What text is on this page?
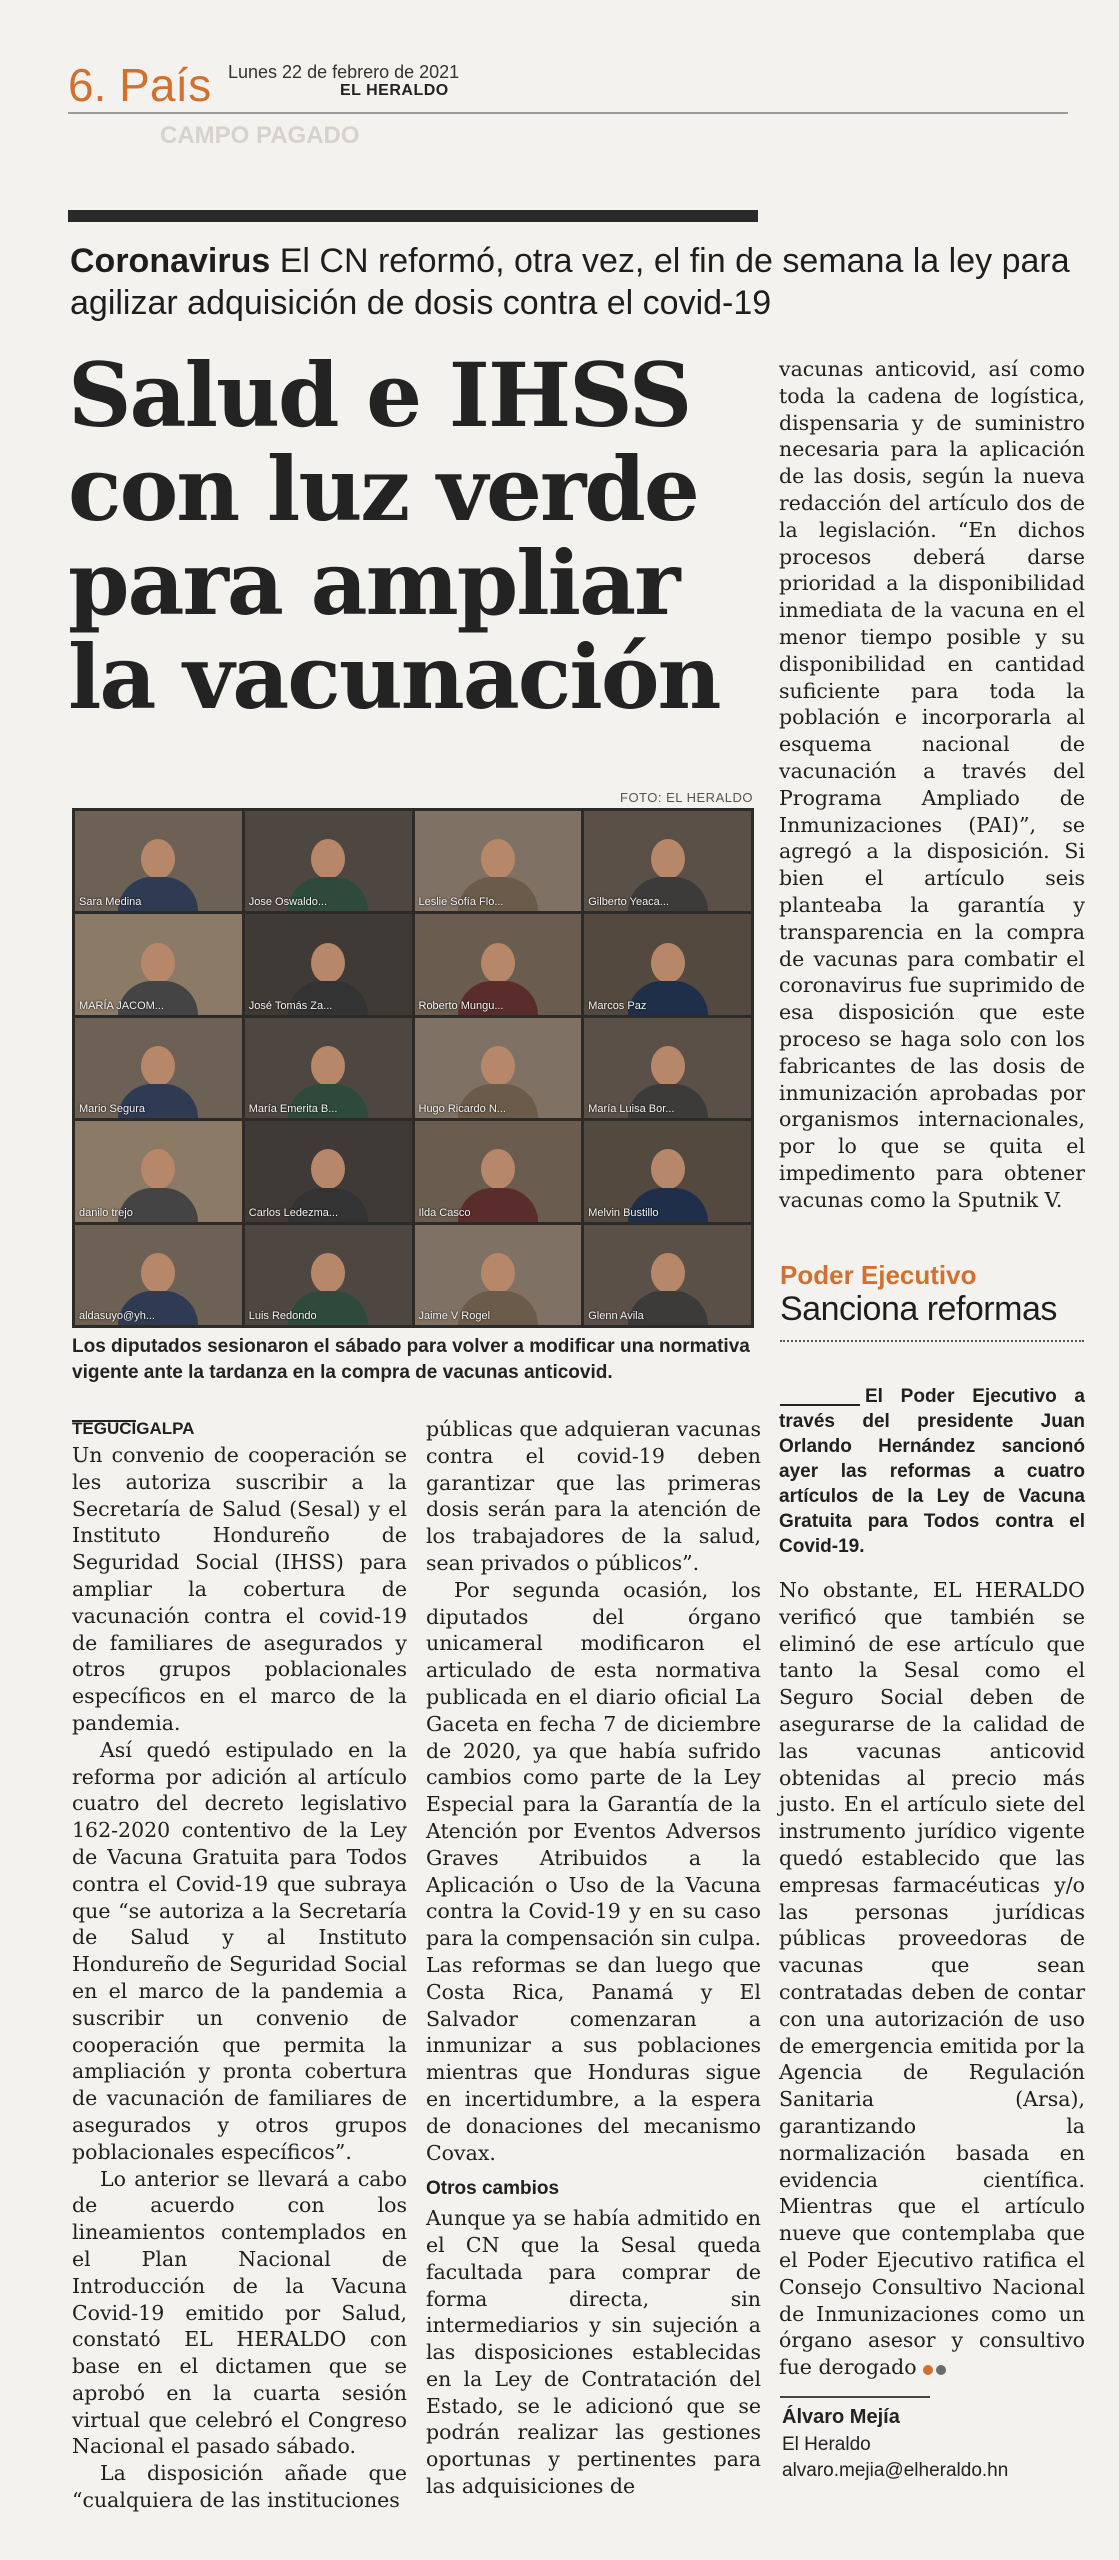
6. País Lunes 22 de febrero de 2021
EL HERALDO
CAMPO PAGADO
Coronavirus El CN reformó, otra vez, el fin de semana la ley para agilizar adquisición de dosis contra el covid-19
Salud e IHSS
con luz verde
para ampliar
la vacunación
FOTO: EL HERALDO
Sara Medina	Jose Oswaldo...	Leslie Sofía Flo...	Gilberto Yeaca...
MARÍA JACOM...	José Tomás Za...	Roberto Mungu...	Marcos Paz
Mario Segura	María Emerita B...	Hugo Ricardo N...	María Luisa Bor...
danilo trejo	Carlos Ledezma...	Ilda Casco	Melvin Bustillo
aldasuyo@yh...	Luis Redondo	Jaime V Rogel	Glenn Avila
Los diputados sesionaron el sábado para volver a modificar una normativa vigente ante la tardanza en la compra de vacunas anticovid.

TEGUCIGALPA

Un convenio de cooperación se les autoriza suscribir a la Secretaría de Salud (Sesal) y el Instituto Hondureño de Seguridad Social (IHSS) para ampliar la cobertura de vacunación contra el covid-19 de familiares de asegurados y otros grupos poblacionales específicos en el marco de la pandemia.

Así quedó estipulado en la reforma por adición al artículo cuatro del decreto legislativo 162-2020 contentivo de la Ley de Vacuna Gratuita para Todos contra el Covid-19 que subraya que “se autoriza a la Secretaría de Salud y al Instituto Hondureño de Seguridad Social en el marco de la pandemia a suscribir un convenio de cooperación que permita la ampliación y pronta cobertura de vacunación de familiares de asegurados y otros grupos poblacionales específicos”.

Lo anterior se llevará a cabo de acuerdo con los lineamientos contemplados en el Plan Nacional de Introducción de la Vacuna Covid-19 emitido por Salud, constató EL HERALDO con base en el dictamen que se aprobó en la cuarta sesión virtual que celebró el Congreso Nacional el pasado sábado.

La disposición añade que “cualquiera de las instituciones

públicas que adquieran vacunas contra el covid-19 deben garantizar que las primeras dosis serán para la atención de los trabajadores de la salud, sean privados o públicos”.

Por segunda ocasión, los diputados del órgano unicameral modificaron el articulado de esta normativa publicada en el diario oficial La Gaceta en fecha 7 de diciembre de 2020, ya que había sufrido cambios como parte de la Ley Especial para la Garantía de la Atención por Eventos Adversos Graves Atribuidos a la Aplicación o Uso de la Vacuna contra la Covid-19 y en su caso para la compensación sin culpa. Las reformas se dan luego que Costa Rica, Panamá y El Salvador comenzaran a inmunizar a sus poblaciones mientras que Honduras sigue en incertidumbre, a la espera de donaciones del mecanismo Covax.

Otros cambios

Aunque ya se había admitido en el CN que la Sesal queda facultada para comprar de forma directa, sin intermediarios y sin sujeción a las disposiciones establecidas en la Ley de Contratación del Estado, se le adicionó que se podrán realizar las gestiones oportunas y pertinentes para las adquisiciones de

vacunas anticovid, así como toda la cadena de logística, dispensaria y de suministro necesaria para la aplicación de las dosis, según la nueva redacción del artículo dos de la legislación. “En dichos procesos deberá darse prioridad a la disponibilidad inmediata de la vacuna en el menor tiempo posible y su disponibilidad en cantidad suficiente para toda la población e incorporarla al esquema nacional de vacunación a través del Programa Ampliado de Inmunizaciones (PAI)”, se agregó a la disposición. Si bien el artículo seis planteaba la garantía y transparencia en la compra de vacunas para combatir el coronavirus fue suprimido de esa disposición que este proceso se haga solo con los fabricantes de las dosis de inmunización aprobadas por organismos internacionales, por lo que se quita el impedimento para obtener vacunas como la Sputnik V.

Poder Ejecutivo
Sanciona reformas

El Poder Ejecutivo a través del presidente Juan Orlando Hernández sancionó ayer las reformas a cuatro artículos de la Ley de Vacuna Gratuita para Todos contra el Covid-19.

No obstante, EL HERALDO verificó que también se eliminó de ese artículo que tanto la Sesal como el Seguro Social deben de asegurarse de la calidad de las vacunas anticovid obtenidas al precio más justo. En el artículo siete del instrumento jurídico vigente quedó establecido que las empresas farmacéuticas y/o las personas jurídicas públicas proveedoras de vacunas que sean contratadas deben de contar con una autorización de uso de emergencia emitida por la Agencia de Regulación Sanitaria (Arsa), garantizando la normalización basada en evidencia científica. Mientras que el artículo nueve que contemplaba que el Poder Ejecutivo ratifica el Consejo Consultivo Nacional de Inmunizaciones como un órgano asesor y consultivo fue derogado

Álvaro Mejía
El Heraldo
alvaro.mejia@elheraldo.hn
